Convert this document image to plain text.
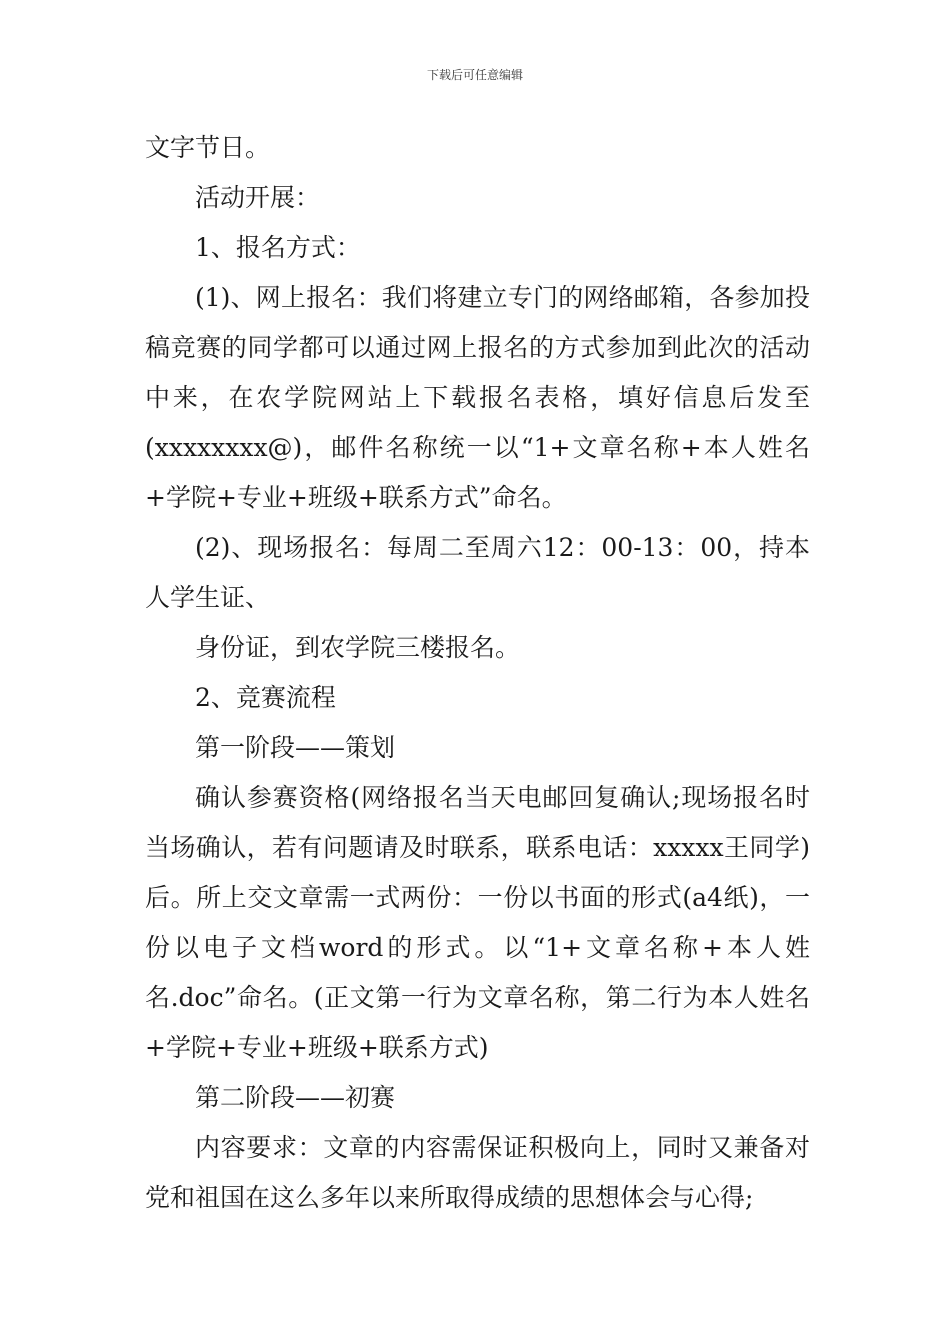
下载后可任意编辑

文字节日。

活动开展：

1、报名方式：

(1)、网上报名：我们将建立专门的网络邮箱，各参加投稿竞赛的同学都可以通过网上报名的方式参加到此次的活动中来，在农学院网站上下载报名表格，填好信息后发至(xxxxxxxx@)，邮件名称统一以“1+文章名称+本人姓名+学院+专业+班级+联系方式”命名。

(2)、现场报名：每周二至周六12：00-13：00，持本人学生证、

身份证，到农学院三楼报名。

2、竞赛流程

第一阶段——策划

确认参赛资格(网络报名当天电邮回复确认;现场报名时当场确认，若有问题请及时联系，联系电话：xxxxx王同学)后。所上交文章需一式两份：一份以书面的形式(a4纸)，一份以电子文档word的形式。以“1+文章名称+本人姓名.doc”命名。(正文第一行为文章名称，第二行为本人姓名+学院+专业+班级+联系方式)

第二阶段——初赛

内容要求：文章的内容需保证积极向上，同时又兼备对党和祖国在这么多年以来所取得成绩的思想体会与心得;
